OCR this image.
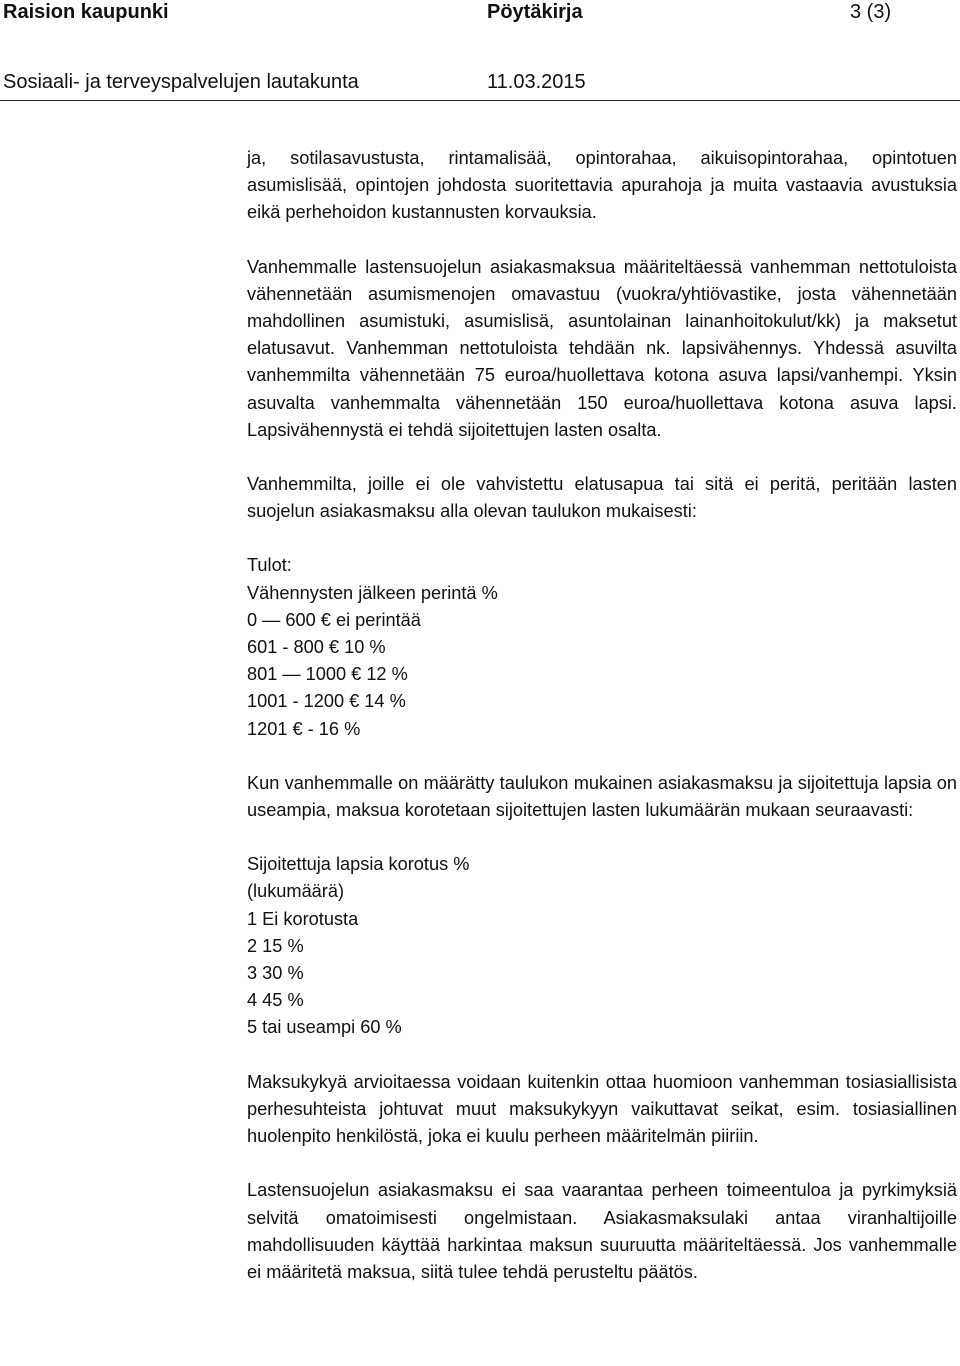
Raision kaupunki	Pöytäkirja	3 (3)
Sosiaali- ja terveyspalvelujen lautakunta	11.03.2015

ja, sotilasavustusta, rintamalisää, opintorahaa, aikuisopintorahaa, opintotuen asumislisää, opintojen johdosta suoritettavia apurahoja ja muita vastaavia avustuksia eikä perhehoidon kustannusten korvauksia.

Vanhemmalle lastensuojelun asiakasmaksua määriteltäessä vanhemman nettotuloista vähennetään asumismenojen omavastuu (vuokra/yhtiövastike, josta vähennetään mahdollinen asumistuki, asumislisä, asuntolainan lainanhoitokulut/kk) ja maksetut elatusavut. Vanhemman nettotuloista tehdään nk. lapsivähennys. Yhdessä asuvilta vanhemmilta vähennetään 75 euroa/huollettava kotona asuva lapsi/vanhempi. Yksin asuvalta vanhemmalta vähennetään 150 euroa/huollettava kotona asuva lapsi. Lapsivähennystä ei tehdä sijoitettujen lasten osalta.

Vanhemmilta, joille ei ole vahvistettu elatusapua tai sitä ei peritä, peritään lasten suojelun asiakasmaksu alla olevan taulukon mukaisesti:

Tulot:
Vähennysten jälkeen perintä %
0 — 600 € ei perintää
601 - 800 € 10 %
801 — 1000 € 12 %
1001 - 1200 € 14 %
1201 € - 16 %

Kun vanhemmalle on määrätty taulukon mukainen asiakasmaksu ja sijoitettuja lapsia on useampia, maksua korotetaan sijoitettujen lasten lukumäärän mukaan seuraavasti:

Sijoitettuja lapsia korotus %
(lukumäärä)
1 Ei korotusta
2 15 %
3 30 %
4 45 %
5 tai useampi 60 %

Maksukykyä arvioitaessa voidaan kuitenkin ottaa huomioon vanhemman tosiasiallisista perhesuhteista johtuvat muut maksukykyyn vaikuttavat seikat, esim. tosiasiallinen huolenpito henkilöstä, joka ei kuulu perheen määritelmän piiriin.

Lastensuojelun asiakasmaksu ei saa vaarantaa perheen toimeentuloa ja pyrkimyksiä selvitä omatoimisesti ongelmistaan. Asiakasmaksulaki antaa viranhaltijoille mahdollisuuden käyttää harkintaa maksun suuruutta määriteltäessä. Jos vanhemmalle ei määritetä maksua, siitä tulee tehdä perusteltu päätös.
